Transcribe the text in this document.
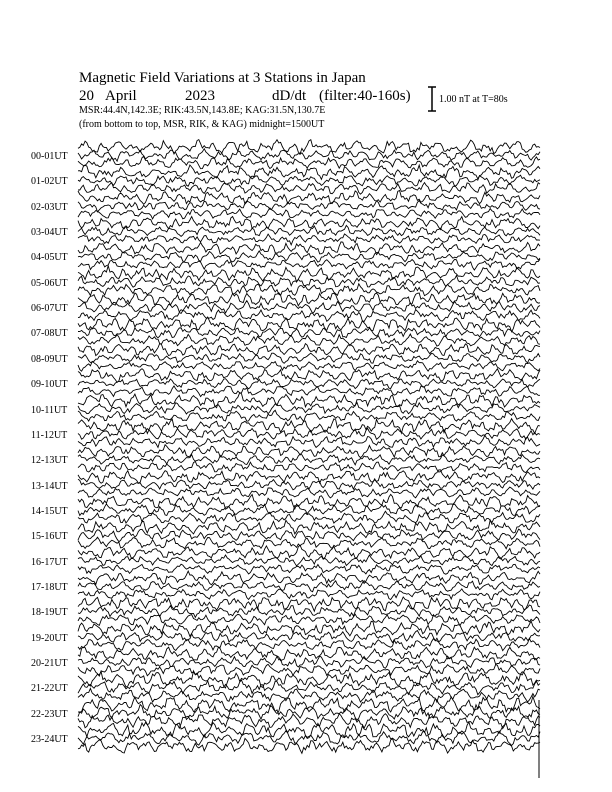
Magnetic Field Variations at 3 Stations in Japan
20 April	2023	dD/dt (filter:40-160s)
MSR:44.4N,142.3E; RIK:43.5N,143.8E; KAG:31.5N,130.7E
(from bottom to top, MSR, RIK, & KAG) midnight=1500UT
1.00 nT at T=80s
00-01UT
01-02UT
02-03UT
03-04UT
04-05UT
05-06UT
06-07UT
07-08UT
08-09UT
09-10UT
10-11UT
11-12UT
12-13UT
13-14UT
14-15UT
15-16UT
16-17UT
17-18UT
18-19UT
19-20UT
20-21UT
21-22UT
22-23UT
23-24UT
